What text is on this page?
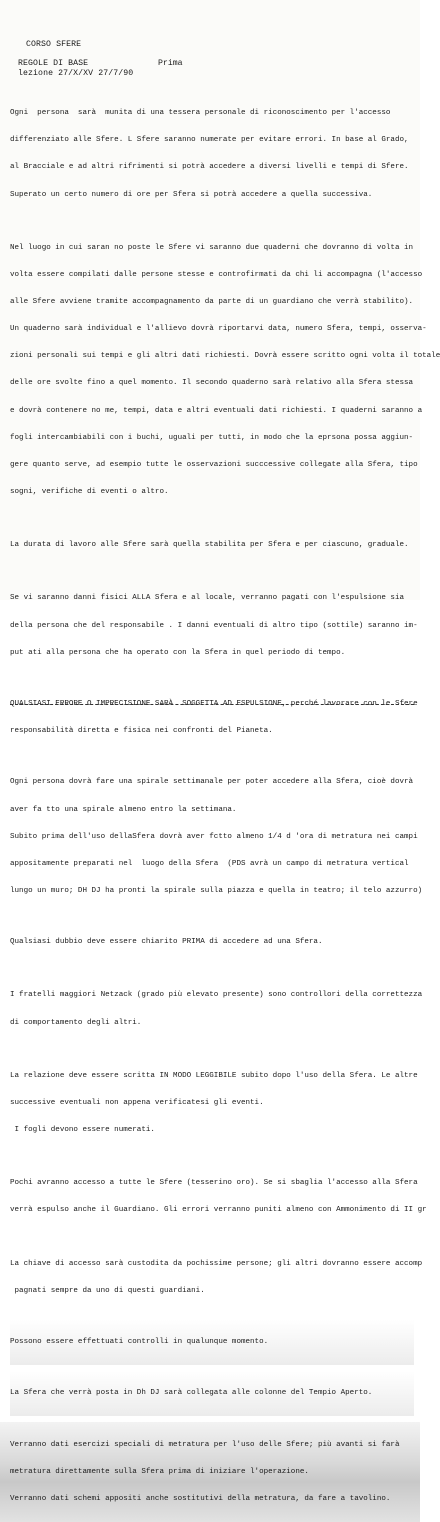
CORSO SFERE
REGOLE DI BASE	Prima
lezione 27/X/XV 27/7/90

Ogni  persona  sarà  munita di una tessera personale di riconoscimento per l'accesso

differenziato alle Sfere. L Sfere saranno numerate per evitare errori. In base al Grado,

al Bracciale e ad altri rifrimenti si potrà accedere a diversi livelli e tempi di Sfere.

Superato un certo numero di ore per Sfera si potrà accedere a quella successiva.

Nel luogo in cui saran no poste le Sfere vi saranno due quaderni che dovranno di volta in

volta essere compilati dalle persone stesse e controfirmati da chi li accompagna (l'accesso

alle Sfere avviene tramite accompagnamento da parte di un guardiano che verrà stabilito).

Un quaderno sarà individual e l'allievo dovrà riportarvi data, numero Sfera, tempi, osserva-

zioni personali sui tempi e gli altri dati richiesti. Dovrà essere scritto ogni volta il totale

delle ore svolte fino a quel momento. Il secondo quaderno sarà relativo alla Sfera stessa

e dovrà contenere no me, tempi, data e altri eventuali dati richiesti. I quaderni saranno a

fogli intercambiabili con i buchi, uguali per tutti, in modo che la eprsona possa aggiun-

gere quanto serve, ad esempio tutte le osservazioni succcessive collegate alla Sfera, tipo

sogni, verifiche di eventi o altro.

La durata di lavoro alle Sfere sarà quella stabilita per Sfera e per ciascuno, graduale.

Se vi saranno danni fisici ALLA Sfera e al locale, verranno pagati con l'espulsione sia

della persona che del responsabile . I danni eventuali di altro tipo (sottile) saranno im-

put ati alla persona che ha operato con la Sfera in quel periodo di tempo.

QUALSIASI ERRORE O IMPRECISIONE SARÀ  SOGGETTA AD ESPULSIONE, perché lavorare con le Sfere

responsabilità diretta e fisica nei confronti del Pianeta.

Ogni persona dovrà fare una spirale settimanale per poter accedere alla Sfera, cioè dovrà

aver fa tto una spirale almeno entro la settimana.

Subito prima dell'uso dellaSfera dovrà aver fctto almeno 1/4 d 'ora di metratura nei campi

appositamente preparati nel  luogo della Sfera  (PDS avrà un campo di metratura vertical

lungo un muro; DH DJ ha pronti la spirale sulla piazza e quella in teatro; il telo azzurro)

Qualsiasi dubbio deve essere chiarito PRIMA di accedere ad una Sfera.

I fratelli maggiori Netzack (grado più elevato presente) sono controllori della correttezza

di comportamento degli altri.

La relazione deve essere scritta IN MODO LEGGIBILE subito dopo l'uso della Sfera. Le altre

successive eventuali non appena verificatesi gli eventi.

I fogli devono essere numerati.

Pochi avranno accesso a tutte le Sfere (tesserino oro). Se si sbaglia l'accesso alla Sfera

verrà espulso anche il Guardiano. Gli errori verranno puniti almeno con Ammonimento di II gr

La chiave di accesso sarà custodita da pochissime persone; gli altri dovranno essere accomp

pagnati sempre da uno di questi guardiani.

Possono essere effettuati controlli in qualunque momento.

La Sfera che verrà posta in Dh DJ sarà collegata alle colonne del Tempio Aperto.

Verranno dati esercizi speciali di metratura per l'uso delle Sfere; più avanti si farà

metratura direttamente sulla Sfera prima di iniziare l'operazione.

Verranno dati schemi appositi anche sostitutivi della metratura, da fare a tavolino.
